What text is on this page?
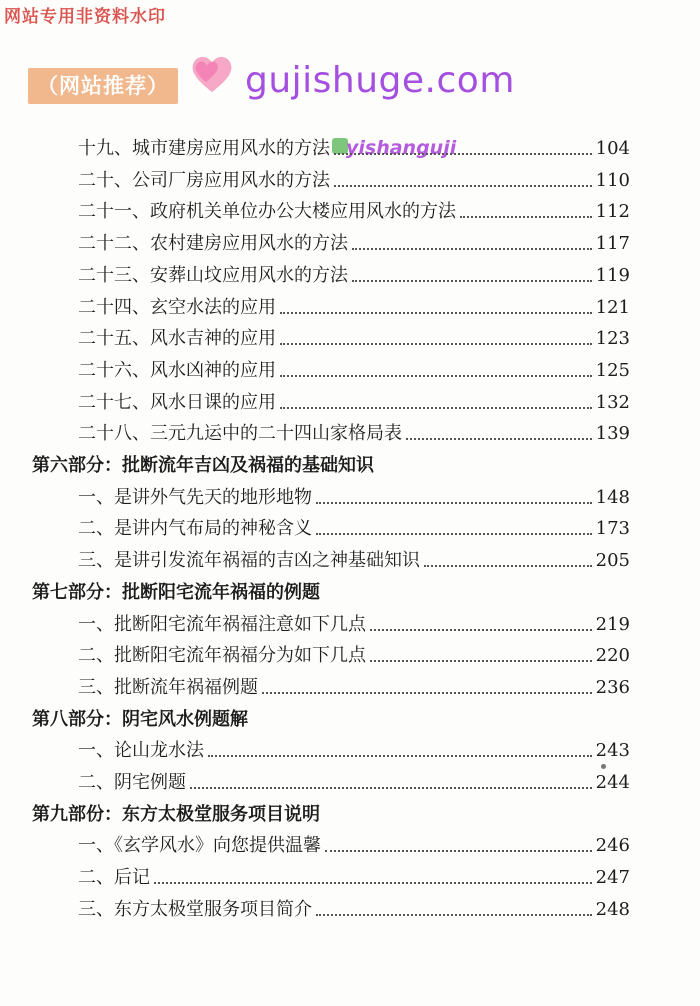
网站专用非资料水印
（网站推荐） gujishuge.com
yishanguji
十九、城市建房应用风水的方法	104
二十、公司厂房应用风水的方法	110
二十一、政府机关单位办公大楼应用风水的方法	112
二十二、农村建房应用风水的方法	117
二十三、安葬山坟应用风水的方法	119
二十四、玄空水法的应用	121
二十五、风水吉神的应用	123
二十六、风水凶神的应用	125
二十七、风水日课的应用	132
二十八、三元九运中的二十四山家格局表	139
第六部分：批断流年吉凶及祸福的基础知识
一、是讲外气先天的地形地物	148
二、是讲内气布局的神秘含义	173
三、是讲引发流年祸福的吉凶之神基础知识	205
第七部分：批断阳宅流年祸福的例题
一、批断阳宅流年祸福注意如下几点	219
二、批断阳宅流年祸福分为如下几点	220
三、批断流年祸福例题	236
第八部分：阴宅风水例题解
一、论山龙水法	243
二、阴宅例题	244
第九部份：东方太极堂服务项目说明
一、《玄学风水》向您提供温馨	246
二、后记	247
三、东方太极堂服务项目简介	248
